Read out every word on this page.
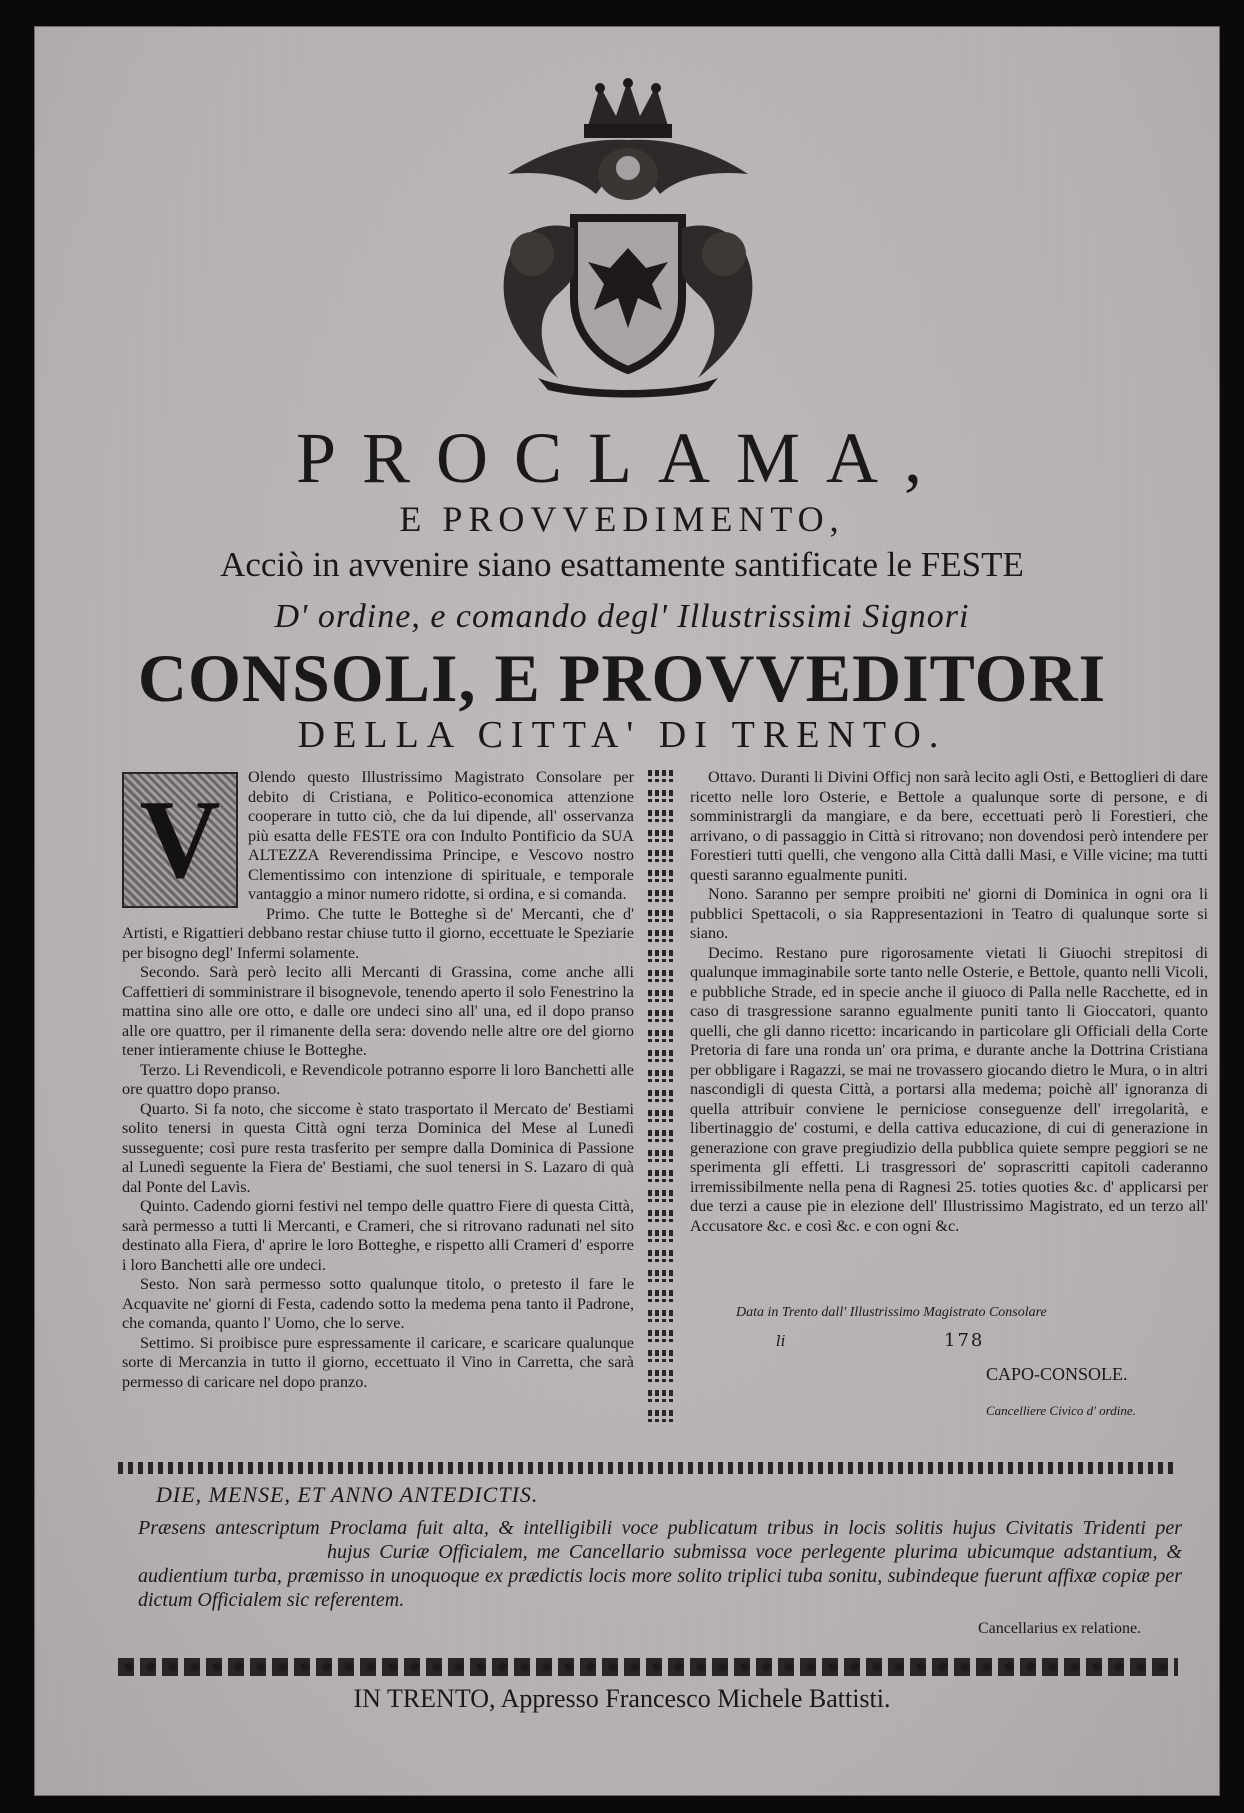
PROCLAMA,
E PROVVEDIMENTO,
Acciò in avvenire siano esattamente santificate le FESTE
D' ordine, e comando degl' Illustrissimi Signori
CONSOLI, E PROVVEDITORI
DELLA CITTA' DI TRENTO.
V

Olendo questo Illustrissimo Magistrato Consolare per debito di Cristiana, e Politico-economica attenzione cooperare in tutto ciò, che da lui dipende, all' osservanza più esatta delle FESTE ora con Indulto Pontificio da SUA ALTEZZA Reverendissima Principe, e Vescovo nostro Clementissimo con intenzione di spirituale, e temporale vantaggio a minor numero ridotte, si ordina, e si comanda.

Primo. Che tutte le Botteghe sì de' Mercanti, che d' Artisti, e Rigattieri debbano restar chiuse tutto il giorno, eccettuate le Speziarie per bisogno degl' Infermi solamente.

Secondo. Sarà però lecito alli Mercanti di Grassina, come anche alli Caffettieri di somministrare il bisognevole, tenendo aperto il solo Fenestrino la mattina sino alle ore otto, e dalle ore undeci sino all' una, ed il dopo pranso alle ore quattro, per il rimanente della sera: dovendo nelle altre ore del giorno tener intieramente chiuse le Botteghe.

Terzo. Li Revendicoli, e Revendicole potranno esporre li loro Banchetti alle ore quattro dopo pranso.

Quarto. Si fa noto, che siccome è stato trasportato il Mercato de' Bestiami solito tenersi in questa Città ogni terza Dominica del Mese al Lunedì susseguente; così pure resta trasferito per sempre dalla Dominica di Passione al Lunedì seguente la Fiera de' Bestiami, che suol tenersi in S. Lazaro di quà dal Ponte del Lavìs.

Quinto. Cadendo giorni festivi nel tempo delle quattro Fiere di questa Città, sarà permesso a tutti li Mercanti, e Crameri, che si ritrovano radunati nel sito destinato alla Fiera, d' aprire le loro Botteghe, e rispetto alli Crameri d' esporre i loro Banchetti alle ore undeci.

Sesto. Non sarà permesso sotto qualunque titolo, o pretesto il fare le Acquavite ne' giorni di Festa, cadendo sotto la medema pena tanto il Padrone, che comanda, quanto l' Uomo, che lo serve.

Settimo. Si proibisce pure espressamente il caricare, e scaricare qualunque sorte di Mercanzia in tutto il giorno, eccettuato il Vino in Carretta, che sarà permesso di caricare nel dopo pranzo.

Ottavo. Duranti li Divini Officj non sarà lecito agli Osti, e Bettoglieri di dare ricetto nelle loro Osterie, e Bettole a qualunque sorte di persone, e di somministrargli da mangiare, e da bere, eccettuati però li Forestieri, che arrivano, o di passaggio in Città si ritrovano; non dovendosi però intendere per Forestieri tutti quelli, che vengono alla Città dalli Masi, e Ville vicine; ma tutti questi saranno egualmente puniti.

Nono. Saranno per sempre proibiti ne' giorni di Dominica in ogni ora li pubblici Spettacoli, o sia Rappresentazioni in Teatro di qualunque sorte si siano.

Decimo. Restano pure rigorosamente vietati li Giuochi strepitosi di qualunque immaginabile sorte tanto nelle Osterie, e Bettole, quanto nelli Vicoli, e pubbliche Strade, ed in specie anche il giuoco di Palla nelle Racchette, ed in caso di trasgressione saranno egualmente puniti tanto li Gioccatori, quanto quelli, che gli danno ricetto: incaricando in particolare gli Officiali della Corte Pretoria di fare una ronda un' ora prima, e durante anche la Dottrina Cristiana per obbligare i Ragazzi, se mai ne trovassero giocando dietro le Mura, o in altri nascondigli di questa Città, a portarsi alla medema; poichè all' ignoranza di quella attribuir conviene le perniciose conseguenze dell' irregolarità, e libertinaggio de' costumi, e della cattiva educazione, di cui di generazione in generazione con grave pregiudizio della pubblica quiete sempre peggiori se ne sperimenta gli effetti. Li trasgressori de' soprascritti capitoli caderanno irremissibilmente nella pena di Ragnesi 25. toties quoties &c. d' applicarsi per due terzi a cause pie in elezione dell' Illustrissimo Magistrato, ed un terzo all' Accusatore &c. e così &c. e con ogni &c.

Data in Trento dall' Illustrissimo Magistrato Consolare
li	178
CAPO-CONSOLE.
Cancelliere Civico d' ordine.
DIE, MENSE, ET ANNO ANTEDICTIS.
Præsens antescriptum Proclama fuit alta, & intelligibili voce publicatum tribus in locis solitis hujus Civitatis Tridenti per  hujus Curiæ Officialem, me Cancellario submissa voce perlegente plurima ubicumque adstantium, & audientium turba, præmisso in unoquoque ex prædictis locis more solito triplici tuba sonitu, subindeque fuerunt affixæ copiæ per dictum Officialem sic referentem.
Cancellarius ex relatione.
IN TRENTO, Appresso Francesco Michele Battisti.
